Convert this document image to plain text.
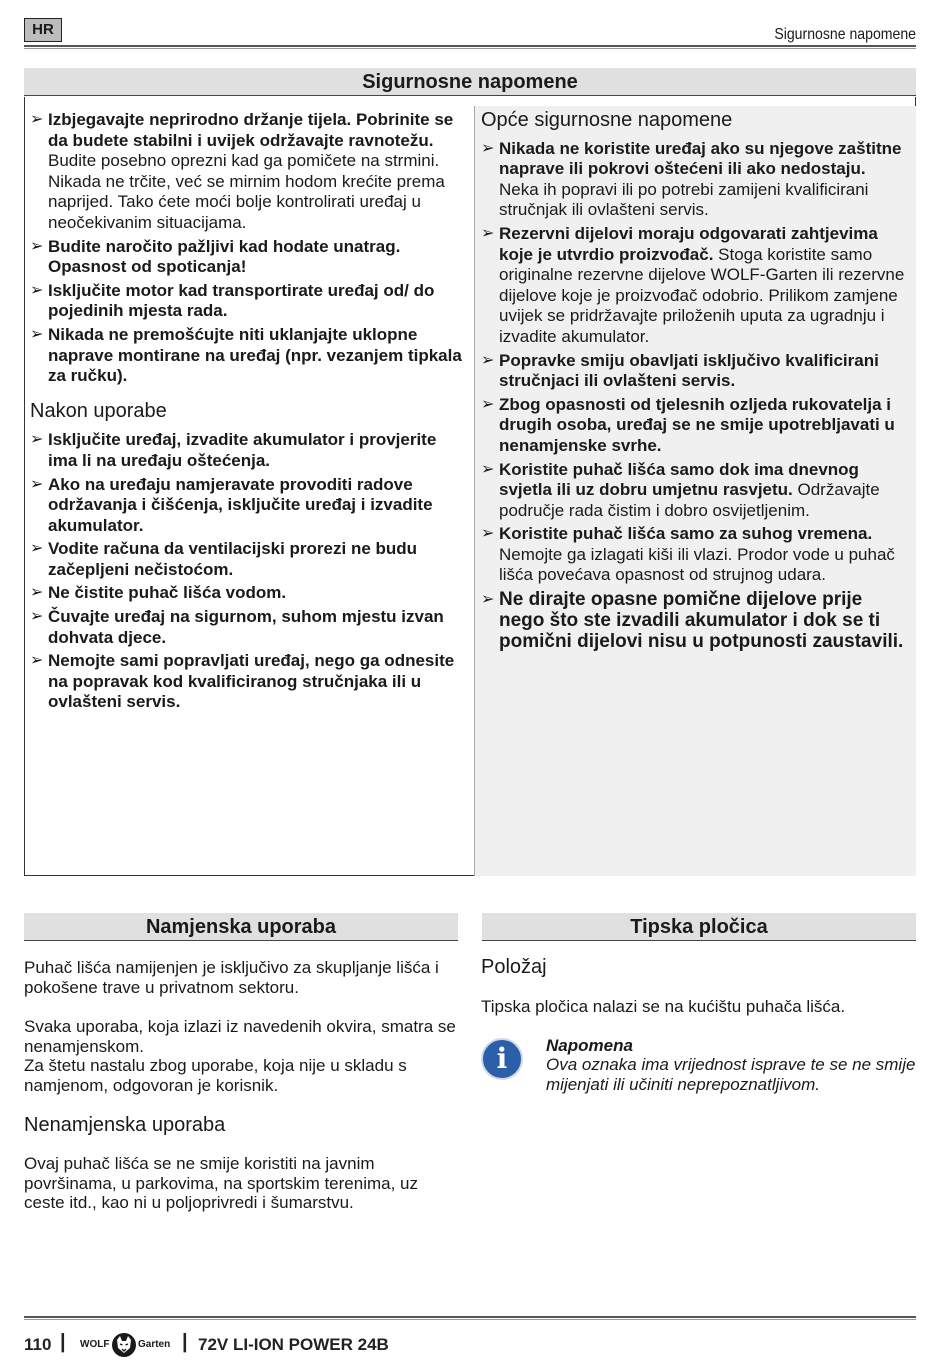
HR	Sigurnosne napomene
Sigurnosne napomene
➢ Izbjegavajte neprirodno držanje tijela. Pobrinite se da budete stabilni i uvijek održavajte ravnotežu. Budite posebno oprezni kad ga pomičete na strmini. Nikada ne trčite, već se mirnim hodom krećite prema naprijed. Tako ćete moći bolje kontrolirati uređaj u neočekivanim situacijama.
➢ Budite naročito pažljivi kad hodate unatrag. Opasnost od spoticanja!
➢ Isključite motor kad transportirate uređaj od/ do pojedinih mjesta rada.
➢ Nikada ne premošćujte niti uklanjajte uklopne naprave montirane na uređaj (npr. vezanjem tipkala za ručku).
Nakon uporabe
➢ Isključite uređaj, izvadite akumulator i provjerite ima li na uređaju oštećenja.
➢ Ako na uređaju namjeravate provoditi radove održavanja i čišćenja, isključite uređaj i izvadite akumulator.
➢ Vodite računa da ventilacijski prorezi ne budu začepljeni nečistoćom.
➢ Ne čistite puhač lišća vodom.
➢ Čuvajte uređaj na sigurnom, suhom mjestu izvan dohvata djece.
➢ Nemojte sami popravljati uređaj, nego ga odnesite na popravak kod kvalificiranog stručnjaka ili u ovlašteni servis.
Opće sigurnosne napomene
➢ Nikada ne koristite uređaj ako su njegove zaštitne naprave ili pokrovi oštećeni ili ako nedostaju. Neka ih popravi ili po potrebi zamijeni kvalificirani stručnjak ili ovlašteni servis.
➢ Rezervni dijelovi moraju odgovarati zahtjevima koje je utvrdio proizvođač. Stoga koristite samo originalne rezervne dijelove WOLF-Garten ili rezervne dijelove koje je proizvođač odobrio. Prilikom zamjene uvijek se pridržavajte priloženih uputa za ugradnju i izvadite akumulator.
➢ Popravke smiju obavljati isključivo kvalificirani stručnjaci ili ovlašteni servis.
➢ Zbog opasnosti od tjelesnih ozljeda rukovatelja i drugih osoba, uređaj se ne smije upotrebljavati u nenamjenske svrhe.
➢ Koristite puhač lišća samo dok ima dnevnog svjetla ili uz dobru umjetnu rasvjetu. Održavajte područje rada čistim i dobro osvijetljenim.
➢ Koristite puhač lišća samo za suhog vremena. Nemojte ga izlagati kiši ili vlazi. Prodor vode u puhač lišća povećava opasnost od strujnog udara.
➢ Ne dirajte opasne pomične dijelove prije nego što ste izvadili akumulator i dok se ti pomični dijelovi nisu u potpunosti zaustavili.
Namjenska uporaba
Puhač lišća namijenjen je isključivo za skupljanje lišća i pokošene trave u privatnom sektoru.
Svaka uporaba, koja izlazi iz navedenih okvira, smatra se nenamjenskom.
Za štetu nastalu zbog uporabe, koja nije u skladu s namjenom, odgovoran je korisnik.
Nenamjenska uporaba
Ovaj puhač lišća se ne smije koristiti na javnim površinama, u parkovima, na sportskim terenima, uz ceste itd., kao ni u poljoprivredi i šumarstvu.
Tipska pločica
Položaj
Tipska pločica nalazi se na kućištu puhača lišća.
i	Napomena
Ova oznaka ima vrijednost isprave te se ne smije mijenjati ili učiniti neprepoznatljivom.
110 | WOLF	Garten | 72V LI-ION POWER 24B
